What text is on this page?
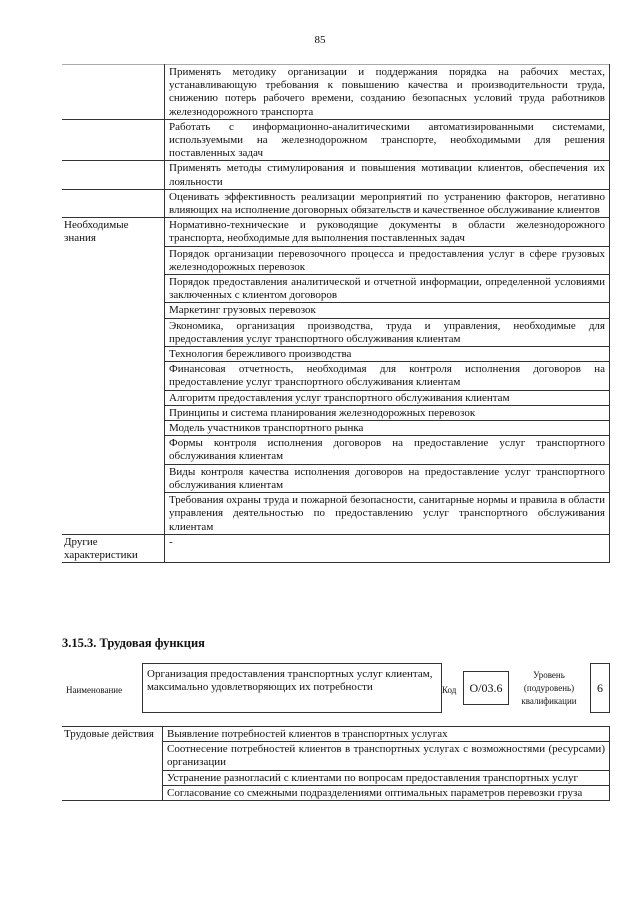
85
	Применять методику организации и поддержания порядка на рабочих местах, устанавливающую требования к повышению качества и производительности труда, снижению потерь рабочего времени, созданию безопасных условий труда работников железнодорожного транспорта
	Работать с информационно-аналитическими автоматизированными системами, используемыми на железнодорожном транспорте, необходимыми для решения поставленных задач
	Применять методы стимулирования и повышения мотивации клиентов, обеспечения их лояльности
	Оценивать эффективность реализации мероприятий по устранению факторов, негативно влияющих на исполнение договорных обязательств и качественное обслуживание клиентов
Необходимые знания	Нормативно-технические и руководящие документы в области железнодорожного транспорта, необходимые для выполнения поставленных задач
	Порядок организации перевозочного процесса и предоставления услуг в сфере грузовых железнодорожных перевозок
	Порядок предоставления аналитической и отчетной информации, определенной условиями заключенных с клиентом договоров
	Маркетинг грузовых перевозок
	Экономика, организация производства, труда и управления, необходимые для предоставления услуг транспортного обслуживания клиентам
	Технология бережливого производства
	Финансовая отчетность, необходимая для контроля исполнения договоров на предоставление услуг транспортного обслуживания клиентам
	Алгоритм предоставления услуг транспортного обслуживания клиентам
	Принципы и система планирования железнодорожных перевозок
	Модель участников транспортного рынка
	Формы контроля исполнения договоров на предоставление услуг транспортного обслуживания клиентам
	Виды контроля качества исполнения договоров на предоставление услуг транспортного обслуживания клиентам
	Требования охраны труда и пожарной безопасности, санитарные нормы и правила в области управления деятельностью по предоставлению услуг транспортного обслуживания клиентам
Другие характеристики	-
3.15.3. Трудовая функция
Наименование
Организация предоставления транспортных услуг клиентам, максимально удовлетворяющих их потребности	Код	О/03.6
Уровень (подуровень) квалификации
6
Трудовые действия	Выявление потребностей клиентов в транспортных услугах
Соотнесение потребностей клиентов в транспортных услугах с возможностями (ресурсами) организации
Устранение разногласий с клиентами по вопросам предоставления транспортных услуг
Согласование со смежными подразделениями оптимальных параметров перевозки груза
